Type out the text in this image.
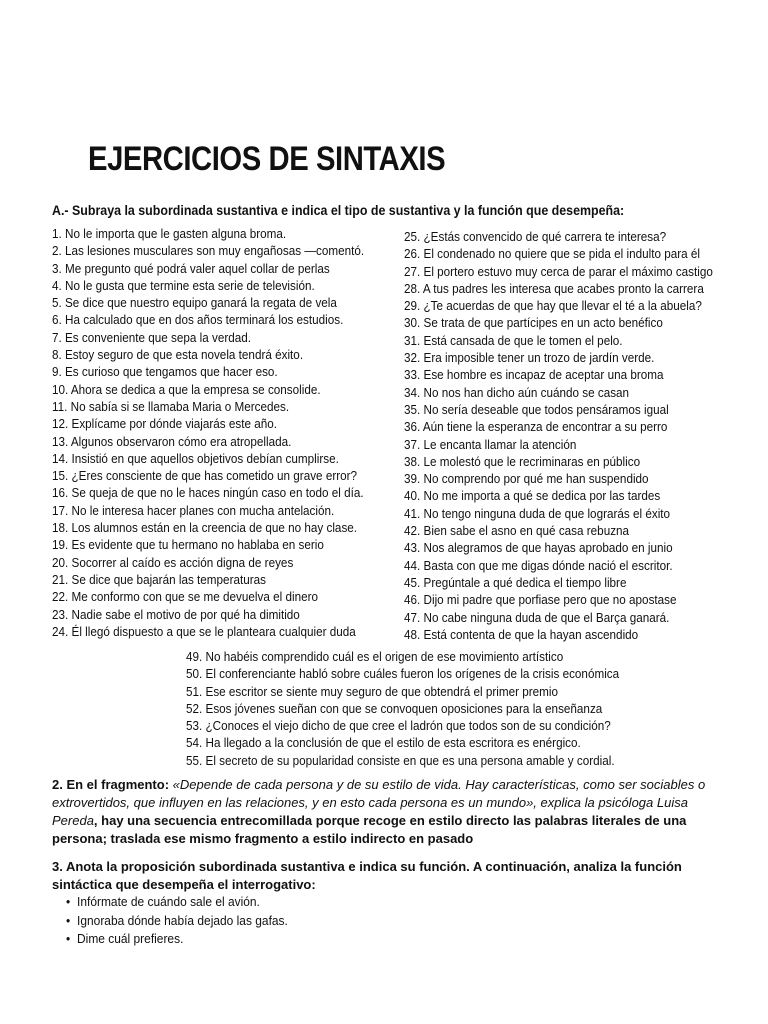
EJERCICIOS DE SINTAXIS
A.- Subraya la subordinada sustantiva e indica el tipo de sustantiva y la función que desempeña:
1. No le importa que le gasten alguna broma.
2. Las lesiones musculares son muy engañosas —comentó.
3. Me pregunto qué podrá valer aquel collar de perlas
4. No le gusta que termine esta serie de televisión.
5. Se dice que nuestro equipo ganará la regata de vela
6. Ha calculado que en dos años terminará los estudios.
7. Es conveniente que sepa la verdad.
8. Estoy seguro de que esta novela tendrá éxito.
9. Es curioso que tengamos que hacer eso.
10. Ahora se dedica a que la empresa se consolide.
11. No sabía si se llamaba Maria o Mercedes.
12. Explícame por dónde viajarás este año.
13. Algunos observaron cómo era atropellada.
14. Insistió en que aquellos objetivos debían cumplirse.
15. ¿Eres consciente de que has cometido un grave error?
16. Se queja de que no le haces ningún caso en todo el día.
17. No le interesa hacer planes con mucha antelación.
18. Los alumnos están en la creencia de que no hay clase.
19. Es evidente que tu hermano no hablaba en serio
20. Socorrer al caído es acción digna de reyes
21. Se dice que bajarán las temperaturas
22. Me conformo con que se me devuelva el dinero
23. Nadie sabe el motivo de por qué ha dimitido
24. Él llegó dispuesto a que se le planteara cualquier duda
25. ¿Estás convencido de qué carrera te interesa?
26. El condenado no quiere que se pida el indulto para él
27. El portero estuvo muy cerca de parar el máximo castigo
28. A tus padres les interesa que acabes pronto la carrera
29. ¿Te acuerdas de que hay que llevar el té a la abuela?
30. Se trata de que partícipes en un acto benéfico
31. Está cansada de que le tomen el pelo.
32. Era imposible tener un trozo de jardín verde.
33. Ese hombre es incapaz de aceptar una broma
34. No nos han dicho aún cuándo se casan
35. No sería deseable que todos pensáramos igual
36. Aún tiene la esperanza de encontrar a su perro
37. Le encanta llamar la atención
38. Le molestó que le recriminaras en público
39. No comprendo por qué me han suspendido
40. No me importa a qué se dedica por las tardes
41. No tengo ninguna duda de que lograrás el éxito
42. Bien sabe el asno en qué casa rebuzna
43. Nos alegramos de que hayas aprobado en junio
44. Basta con que me digas dónde nació el escritor.
45. Pregúntale a qué dedica el tiempo libre
46. Dijo mi padre que porfiase pero que no apostase
47. No cabe ninguna duda de que el Barça ganará.
48. Está contenta de que la hayan ascendido
49. No habéis comprendido cuál es el origen de ese movimiento artístico
50. El conferenciante habló sobre cuáles fueron los orígenes de la crisis económica
51. Ese escritor se siente muy seguro de que obtendrá el primer premio
52. Esos jóvenes sueñan con que se convoquen oposiciones para la enseñanza
53. ¿Conoces el viejo dicho de que cree el ladrón que todos son de su condición?
54. Ha llegado a la conclusión de que el estilo de esta escritora es enérgico.
55. El secreto de su popularidad consiste en que es una persona amable y cordial.

2. En el fragmento: «Depende de cada persona y de su estilo de vida. Hay características, como ser sociables o extrovertidos, que influyen en las relaciones, y en esto cada persona es un mundo», explica la psicóloga Luisa Pereda, hay una secuencia entrecomillada porque recoge en estilo directo las palabras literales de una persona; traslada ese mismo fragmento a estilo indirecto en pasado

3. Anota la proposición subordinada sustantiva e indica su función. A continuación, analiza la función sintáctica que desempeña el interrogativo:

• Infórmate de cuándo sale el avión.
• Ignoraba dónde había dejado las gafas.
• Dime cuál prefieres.
